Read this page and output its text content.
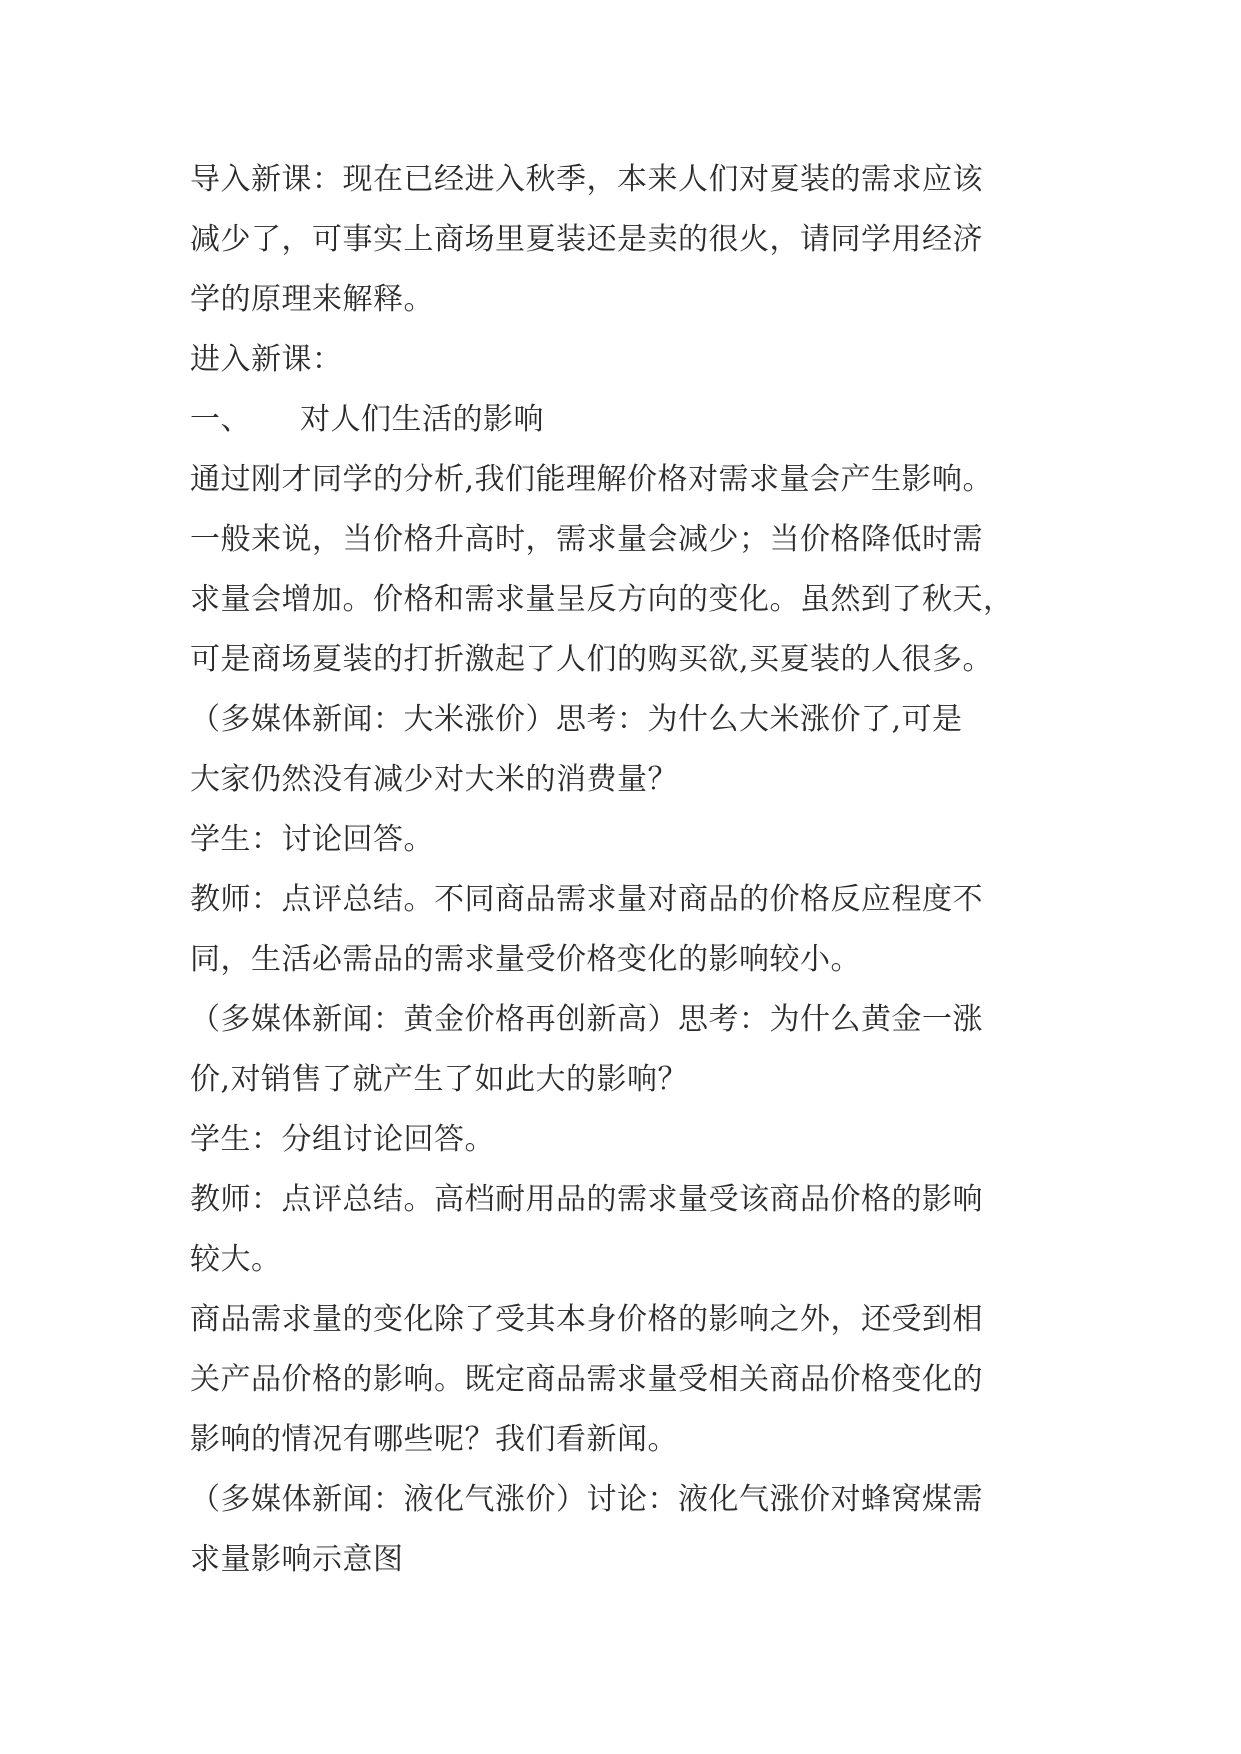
导入新课：现在已经进入秋季，本来人们对夏装的需求应该
减少了，可事实上商场里夏装还是卖的很火，请同学用经济
学的原理来解释。
进入新课：
一、 对人们生活的影响
通过刚才同学的分析,我们能理解价格对需求量会产生影响。
一般来说，当价格升高时，需求量会减少；当价格降低时需
求量会增加。价格和需求量呈反方向的变化。虽然到了秋天，
可是商场夏装的打折激起了人们的购买欲,买夏装的人很多。
（多媒体新闻：大米涨价）思考：为什么大米涨价了,可是
大家仍然没有减少对大米的消费量？
学生：讨论回答。
教师：点评总结。不同商品需求量对商品的价格反应程度不
同，生活必需品的需求量受价格变化的影响较小。
（多媒体新闻：黄金价格再创新高）思考：为什么黄金一涨
价,对销售了就产生了如此大的影响？
学生：分组讨论回答。
教师：点评总结。高档耐用品的需求量受该商品价格的影响
较大。
商品需求量的变化除了受其本身价格的影响之外，还受到相
关产品价格的影响。既定商品需求量受相关商品价格变化的
影响的情况有哪些呢？我们看新闻。
（多媒体新闻：液化气涨价）讨论：液化气涨价对蜂窝煤需
求量影响示意图
